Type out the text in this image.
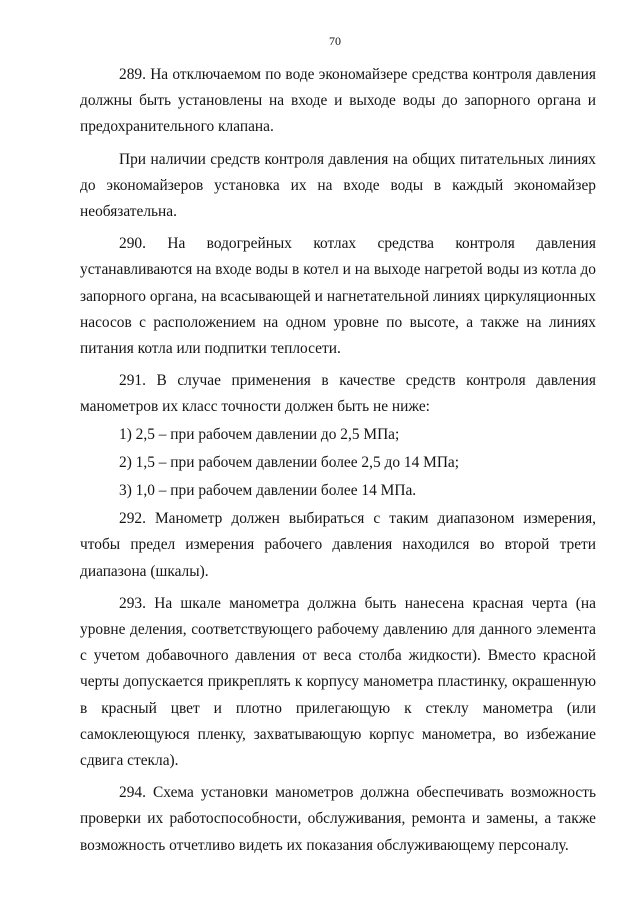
70

289. На отключаемом по воде экономайзере средства контроля давления должны быть установлены на входе и выходе воды до запорного органа и предохранительного клапана.

При наличии средств контроля давления на общих питательных линиях до экономайзеров установка их на входе воды в каждый экономайзер необязательна.

290. На водогрейных котлах средства контроля давления устанавливаются на входе воды в котел и на выходе нагретой воды из котла до запорного органа, на всасывающей и нагнетательной линиях циркуляционных насосов с расположением на одном уровне по высоте, а также на линиях питания котла или подпитки теплосети.

291. В случае применения в качестве средств контроля давления манометров их класс точности должен быть не ниже:

1) 2,5 – при рабочем давлении до 2,5 МПа;

2) 1,5 – при рабочем давлении более 2,5 до 14 МПа;

3) 1,0 – при рабочем давлении более 14 МПа.

292. Манометр должен выбираться с таким диапазоном измерения, чтобы предел измерения рабочего давления находился во второй трети диапазона (шкалы).

293. На шкале манометра должна быть нанесена красная черта (на уровне деления, соответствующего рабочему давлению для данного элемента с учетом добавочного давления от веса столба жидкости). Вместо красной черты допускается прикреплять к корпусу манометра пластинку, окрашенную в красный цвет и плотно прилегающую к стеклу манометра (или самоклеющуюся пленку, захватывающую корпус манометра, во избежание сдвига стекла).

294. Схема установки манометров должна обеспечивать возможность проверки их работоспособности, обслуживания, ремонта и замены, а также возможность отчетливо видеть их показания обслуживающему персоналу.
